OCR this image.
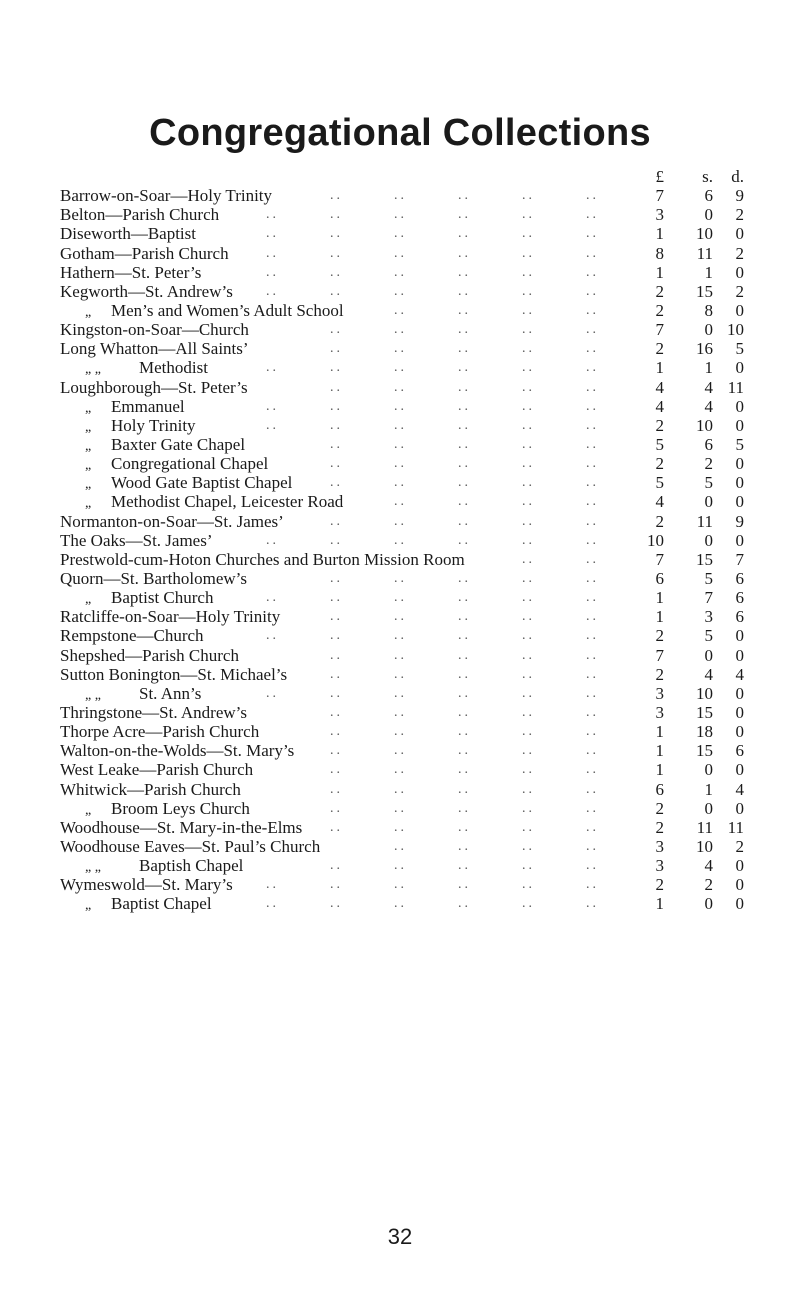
Congregational Collections
£	s.	d.
Barrow-on-Soar—Holy Trinity	7	6	9
..	..	..	..	..
Belton—Parish Church	3	0	2
..	..	..	..	..	..
Diseworth—Baptist	1	10	0
..	..	..	..	..	..
Gotham—Parish Church	8	11	2
..	..	..	..	..	..
Hathern—St. Peter’s	1	1	0
..	..	..	..	..	..
Kegworth—St. Andrew’s	2	15	2
..	..	..	..	..	..
„ Men’s and Women’s Adult School	2	8	0
..	..	..	..
Kingston-on-Soar—Church	7	0 10
..	..	..	..	..
Long Whatton—All Saints’	2	16	5
..	..	..	..	..
„ „ Methodist	1	1	0
..	..	..	..	..	..
Loughborough—St. Peter’s	4	4 11
..	..	..	..	..
„ Emmanuel	4	4	0
..	..	..	..	..	..
„ Holy Trinity	2	10	0
..	..	..	..	..	..
„ Baxter Gate Chapel	5	6	5
..	..	..	..	..
„ Congregational Chapel	2	2	0
..	..	..	..	..
„ Wood Gate Baptist Chapel	5	5	0
..	..	..	..	..
„ Methodist Chapel, Leicester Road	4	0	0
..	..	..	..
Normanton-on-Soar—St. James’	2	11	9
..	..	..	..	..
The Oaks—St. James’	10	0	0
..	..	..	..	..	..
Prestwold-cum-Hoton Churches and Burton Mission Room	7	15	7
..	..
Quorn—St. Bartholomew’s	6	5	6
..	..	..	..	..
„ Baptist Church	1	7	6
..	..	..	..	..	..
Ratcliffe-on-Soar—Holy Trinity	1	3	6
..	..	..	..	..
Rempstone—Church	2	5	0
..	..	..	..	..	..
Shepshed—Parish Church	7	0	0
..	..	..	..	..
Sutton Bonington—St. Michael’s	2	4	4
..	..	..	..	..
„ „ St. Ann’s	3	10	0
..	..	..	..	..	..
Thringstone—St. Andrew’s	3	15	0
..	..	..	..	..
Thorpe Acre—Parish Church	1	18	0
..	..	..	..	..
Walton-on-the-Wolds—St. Mary’s	1	15	6
..	..	..	..	..
West Leake—Parish Church	1	0	0
..	..	..	..	..
Whitwick—Parish Church	6	1	4
..	..	..	..	..
„ Broom Leys Church	2	0	0
..	..	..	..	..
Woodhouse—St. Mary-in-the-Elms	2	11 11
..	..	..	..	..
Woodhouse Eaves—St. Paul’s Church	3	10	2
..	..	..	..
„ „ Baptish Chapel	3	4	0
..	..	..	..	..
Wymeswold—St. Mary’s	2	2	0
..	..	..	..	..	..
„ Baptist Chapel	1	0	0
..	..	..	..	..	..
32
